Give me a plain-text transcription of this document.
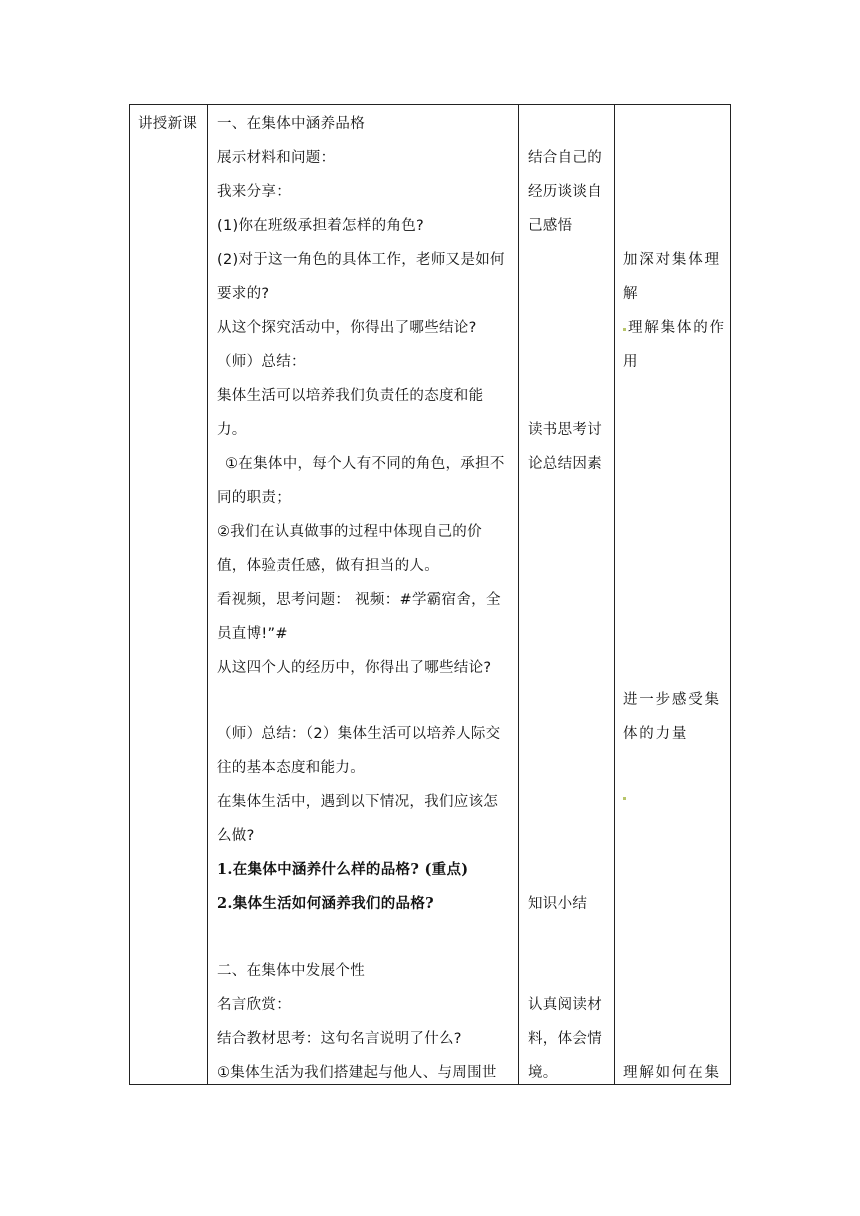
讲授新课 一、在集体中涵养品格
展示材料和问题：
我来分享：
(1)你在班级承担着怎样的角色?
(2)对于这一角色的具体工作，老师又是如何
要求的?
从这个探究活动中，你得出了哪些结论?
（师）总结：
集体生活可以培养我们负责任的态度和能
力。
①在集体中，每个人有不同的角色，承担不
同的职责；
②我们在认真做事的过程中体现自己的价
值，体验责任感，做有担当的人。
看视频，思考问题： 视频：#学霸宿舍，全
员直博!”#
从这四个人的经历中，你得出了哪些结论?
（师）总结：（2）集体生活可以培养人际交
往的基本态度和能力。
在集体生活中，遇到以下情况，我们应该怎
么做?
1.在集体中涵养什么样的品格? (重点)
2.集体生活如何涵养我们的品格?
二、在集体中发展个性
名言欣赏：
结合教材思考：这句名言说明了什么?
①集体生活为我们搭建起与他人、与周围世
结合自己的
经历谈谈自
己感悟
读书思考讨
论总结因素
知识小结
认真阅读材
料，体会情
境。
加深对集体理
解
理解集体的作
用
进一步感受集
体的力量
理解如何在集
